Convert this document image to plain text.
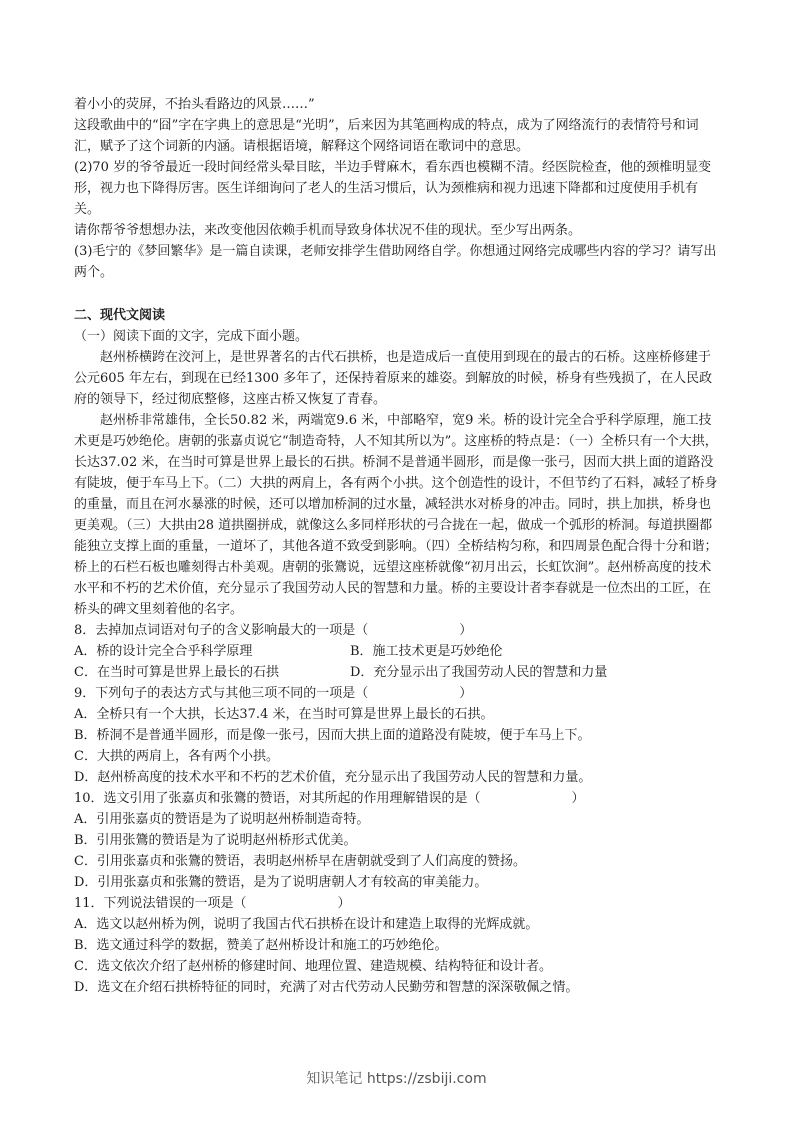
着小小的荧屏，不抬头看路边的风景……”

这段歌曲中的“囧”字在字典上的意思是“光明”，后来因为其笔画构成的特点，成为了网络流行的表情符号和词汇，赋予了这个词新的内涵。请根据语境，解释这个网络词语在歌词中的意思。

(2)70 岁的爷爷最近一段时间经常头晕目眩，半边手臂麻木，看东西也模糊不清。经医院检查，他的颈椎明显变形，视力也下降得厉害。医生详细询问了老人的生活习惯后，认为颈椎病和视力迅速下降都和过度使用手机有关。

请你帮爷爷想想办法，来改变他因依赖手机而导致身体状况不佳的现状。至少写出两条。

(3)毛宁的《梦回繁华》是一篇自读课，老师安排学生借助网络自学。你想通过网络完成哪些内容的学习？请写出两个。

二、现代文阅读

（一）阅读下面的文字，完成下面小题。

赵州桥横跨在洨河上，是世界著名的古代石拱桥，也是造成后一直使用到现在的最古的石桥。这座桥修建于公元605 年左右，到现在已经1300 多年了，还保持着原来的雄姿。到解放的时候，桥身有些残损了，在人民政府的领导下，经过彻底整修，这座古桥又恢复了青春。

赵州桥非常雄伟，全长50.82 米，两端宽9.6 米，中部略窄，宽9 米。桥的设计完全合乎科学原理，施工技术更是巧妙绝伦。唐朝的张嘉贞说它“制造奇特，人不知其所以为”。这座桥的特点是：（一）全桥只有一个大拱，长达37.02 米，在当时可算是世界上最长的石拱。桥洞不是普通半圆形，而是像一张弓，因而大拱上面的道路没有陡坡，便于车马上下。（二）大拱的两肩上，各有两个小拱。这个创造性的设计，不但节约了石料，减轻了桥身的重量，而且在河水暴涨的时候，还可以增加桥洞的过水量，减轻洪水对桥身的冲击。同时，拱上加拱，桥身也更美观。（三）大拱由28 道拱圈拼成，就像这么多同样形状的弓合拢在一起，做成一个弧形的桥洞。每道拱圈都能独立支撑上面的重量，一道坏了，其他各道不致受到影响。（四）全桥结构匀称，和四周景色配合得十分和谐；桥上的石栏石板也雕刻得古朴美观。唐朝的张鷟说，远望这座桥就像“初月出云，长虹饮涧”。赵州桥高度的技术水平和不朽的艺术价值，充分显示了我国劳动人民的智慧和力量。桥的主要设计者李春就是一位杰出的工匠，在桥头的碑文里刻着他的名字。

8．去掉加点词语对句子的含义影响最大的一项是（　　　　　　　）

A．桥的设计完全合乎科学原理	B．施工技术更是巧妙绝伦
C．在当时可算是世界上最长的石拱	D．充分显示出了我国劳动人民的智慧和力量

9．下列句子的表达方式与其他三项不同的一项是（　　　　　　　）

A．全桥只有一个大拱，长达37.4 米，在当时可算是世界上最长的石拱。

B．桥洞不是普通半圆形，而是像一张弓，因而大拱上面的道路没有陡坡，便于车马上下。

C．大拱的两肩上，各有两个小拱。

D．赵州桥高度的技术水平和不朽的艺术价值，充分显示出了我国劳动人民的智慧和力量。

10．选文引用了张嘉贞和张鷟的赞语，对其所起的作用理解错误的是（　　　　　　　）

A．引用张嘉贞的赞语是为了说明赵州桥制造奇特。

B．引用张鷟的赞语是为了说明赵州桥形式优美。

C．引用张嘉贞和张鷟的赞语，表明赵州桥早在唐朝就受到了人们高度的赞扬。

D．引用张嘉贞和张鷟的赞语，是为了说明唐朝人才有较高的审美能力。

11．下列说法错误的一项是（　　　　　　　）

A．选文以赵州桥为例，说明了我国古代石拱桥在设计和建造上取得的光辉成就。

B．选文通过科学的数据，赞美了赵州桥设计和施工的巧妙绝伦。

C．选文依次介绍了赵州桥的修建时间、地理位置、建造规模、结构特征和设计者。

D．选文在介绍石拱桥特征的同时，充满了对古代劳动人民勤劳和智慧的深深敬佩之情。

知识笔记 https://zsbiji.com
